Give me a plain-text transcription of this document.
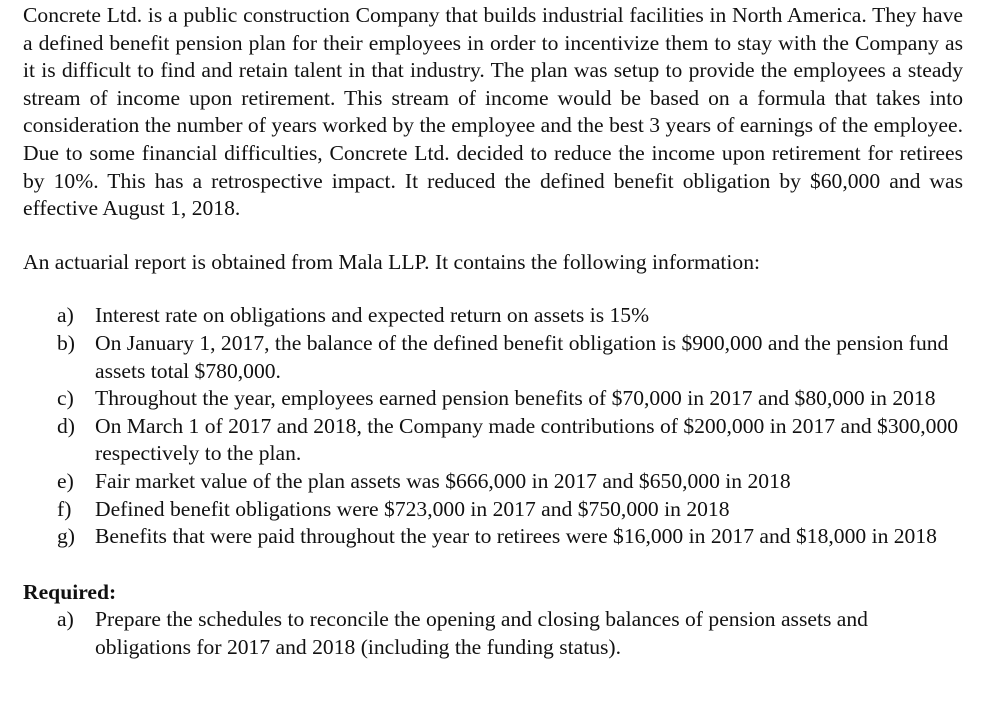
Concrete Ltd. is a public construction Company that builds industrial facilities in North America. They have a defined benefit pension plan for their employees in order to incentivize them to stay with the Company as it is difficult to find and retain talent in that industry. The plan was setup to provide the employees a steady stream of income upon retirement. This stream of income would be based on a formula that takes into consideration the number of years worked by the employee and the best 3 years of earnings of the employee. Due to some financial difficulties, Concrete Ltd. decided to reduce the income upon retirement for retirees by 10%. This has a retrospective impact. It reduced the defined benefit obligation by $60,000 and was effective August 1, 2018.

An actuarial report is obtained from Mala LLP. It contains the following information:

a) Interest rate on obligations and expected return on assets is 15%
b) On January 1, 2017, the balance of the defined benefit obligation is $900,000 and the pension fund assets total $780,000.
c) Throughout the year, employees earned pension benefits of $70,000 in 2017 and $80,000 in 2018
d) On March 1 of 2017 and 2018, the Company made contributions of $200,000 in 2017 and $300,000 respectively to the plan.
e) Fair market value of the plan assets was $666,000 in 2017 and $650,000 in 2018
f) Defined benefit obligations were $723,000 in 2017 and $750,000 in 2018
g) Benefits that were paid throughout the year to retirees were $16,000 in 2017 and $18,000 in 2018

Required:

a) Prepare the schedules to reconcile the opening and closing balances of pension assets and obligations for 2017 and 2018 (including the funding status).
